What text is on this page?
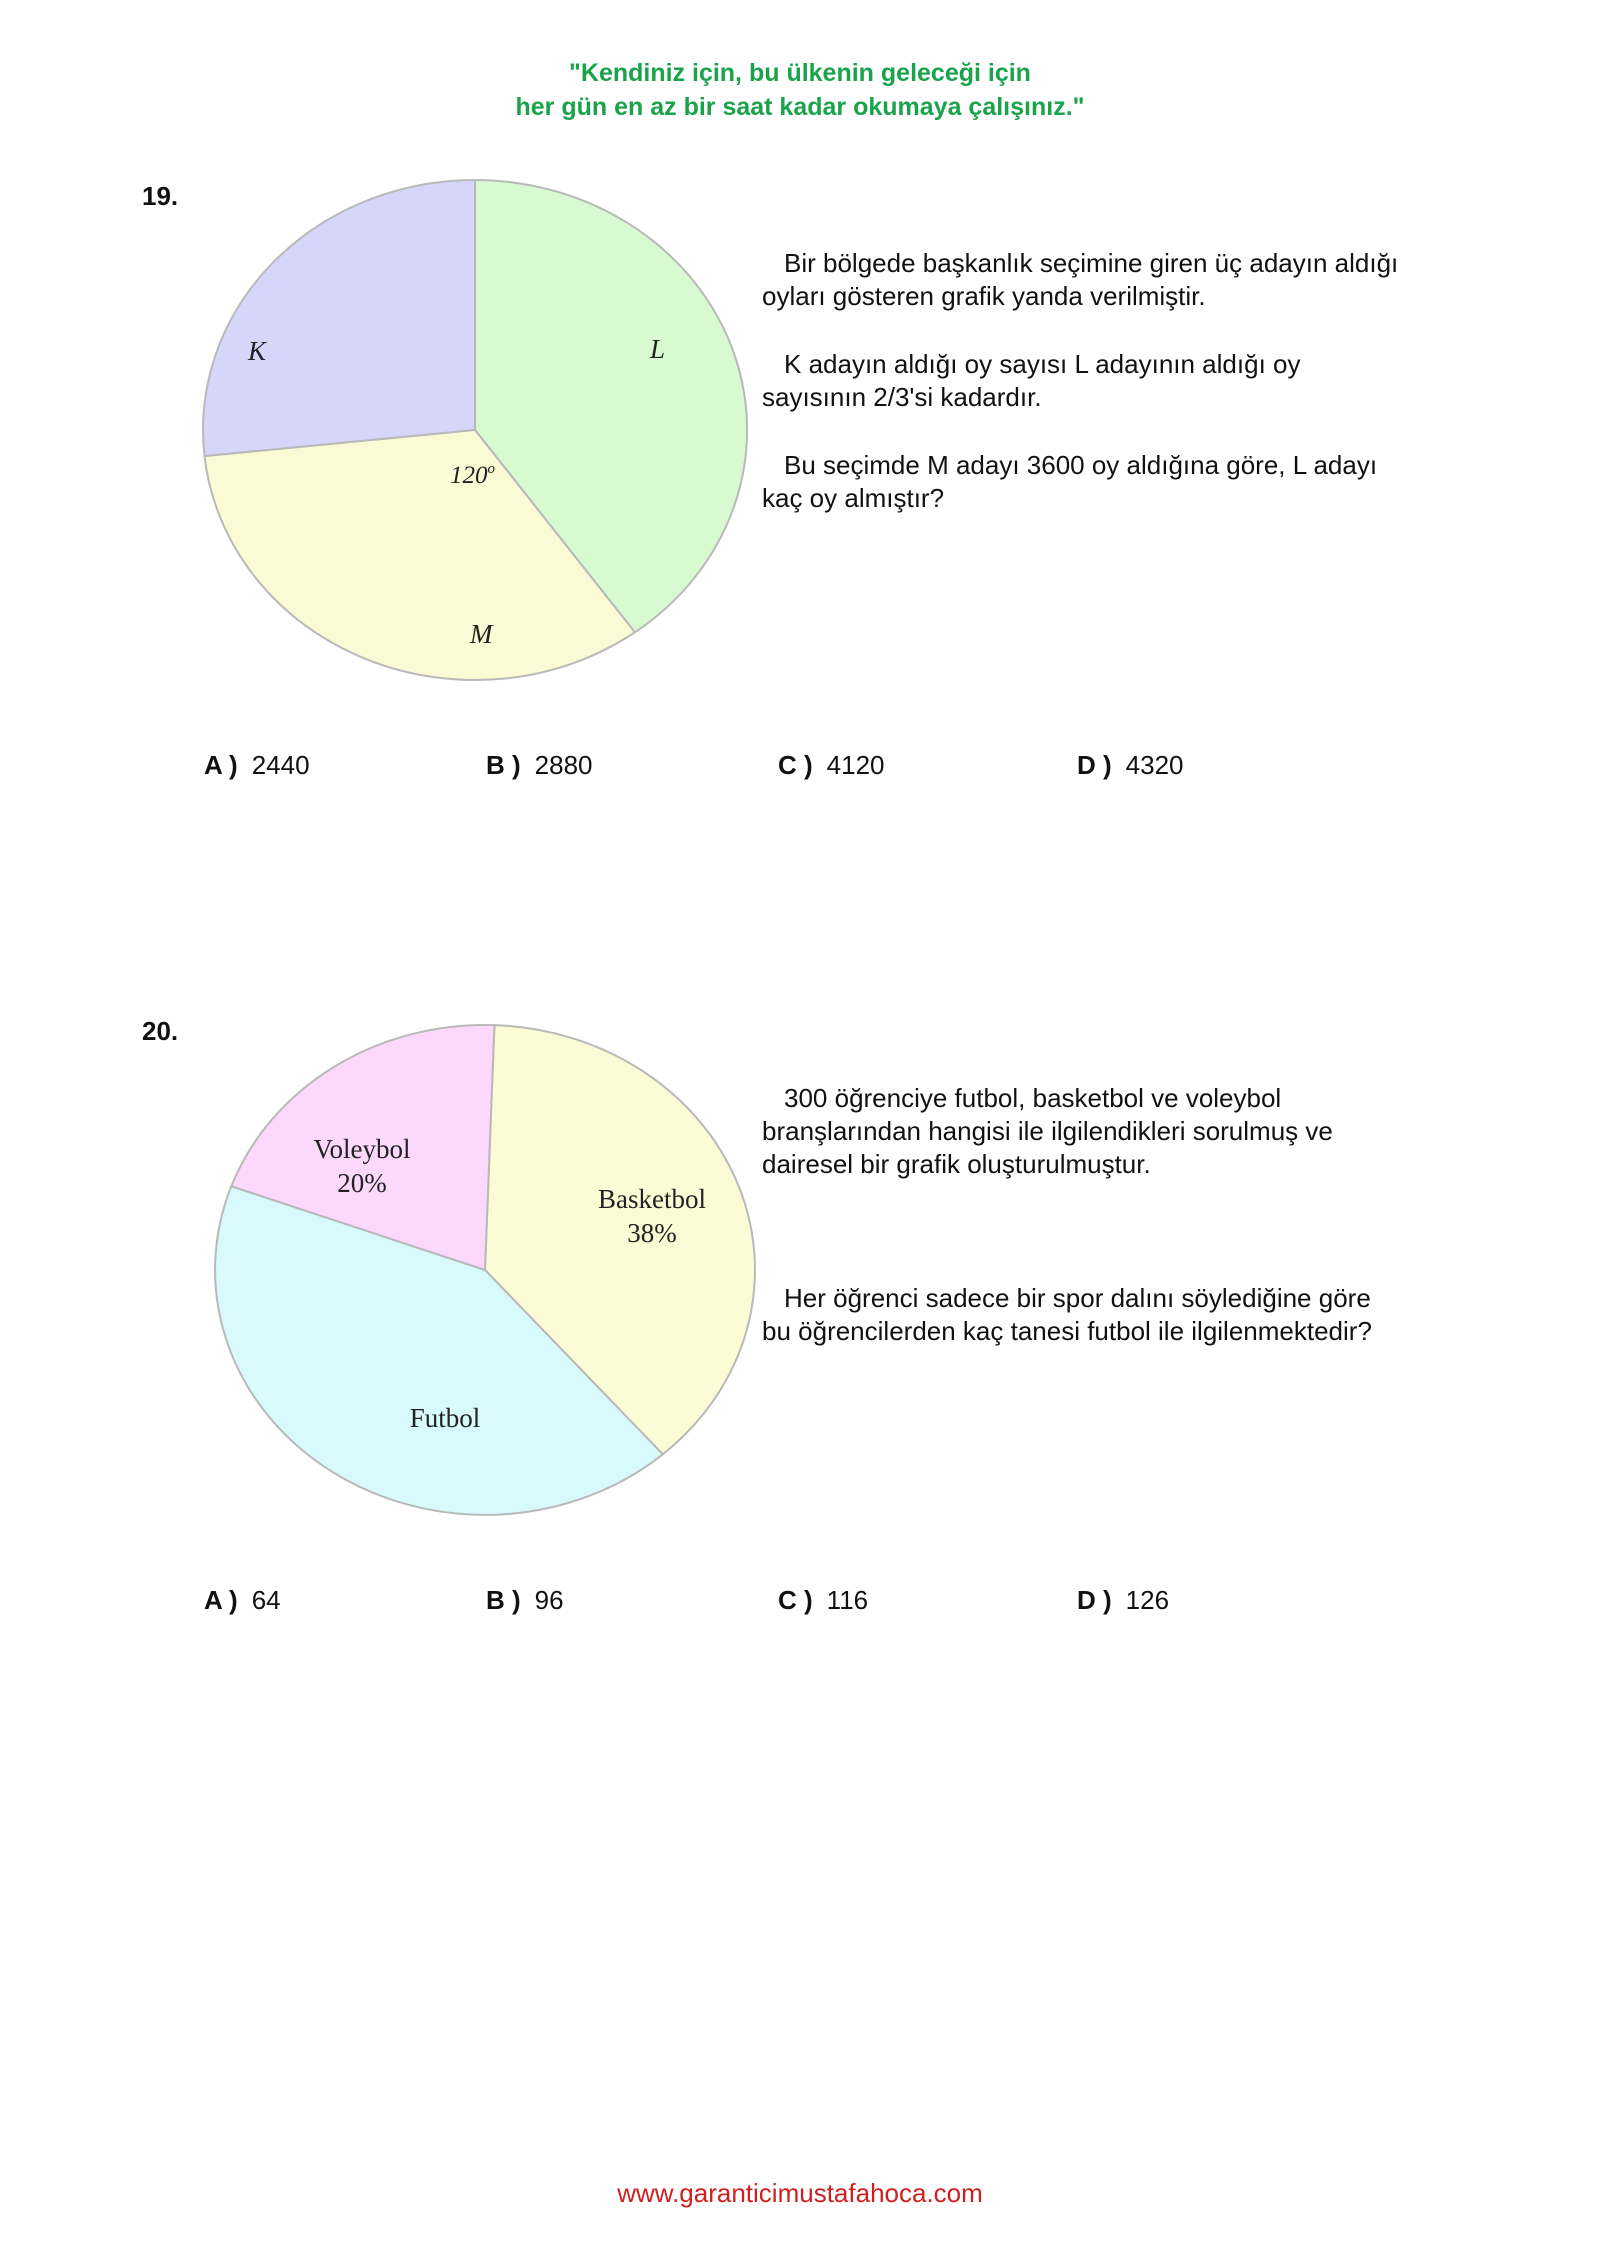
"Kendiniz için, bu ülkenin geleceği için
her gün en az bir saat kadar okumaya çalışınız."
19.
K	L
M
120$^o$

Bir bölgede başkanlık seçimine giren üç adayın aldığı oyları gösteren grafik yanda verilmiştir.

K adayın aldığı oy sayısı L adayının aldığı oy sayısının 2/3'si kadardır.

Bu seçimde M adayı 3600 oy aldığına göre, L adayı kaç oy almıştır?

A ) 2440	B ) 2880	C ) 4120	D ) 4320
20.
Basketbol
38%
Futbol
Voleybol
20%

300 öğrenciye futbol, basketbol ve voleybol branşlarından hangisi ile ilgilendikleri sorulmuş ve dairesel bir grafik oluşturulmuştur.

Her öğrenci sadece bir spor dalını söylediğine göre bu öğrencilerden kaç tanesi futbol ile ilgilenmektedir?

A ) 64	B ) 96	C ) 116	D ) 126
www.garanticimustafahoca.com
